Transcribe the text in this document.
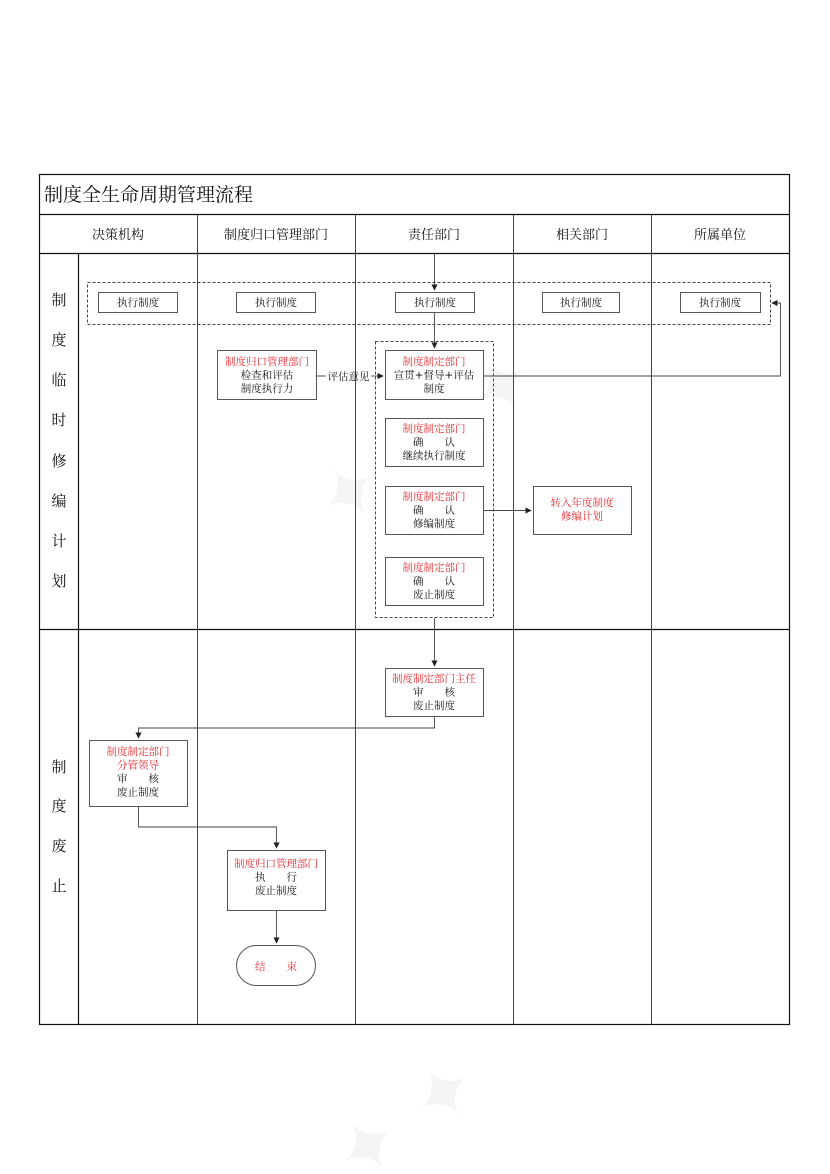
制度全生命周期管理流程
决策机构	制度归口管理部门	责任部门	相关部门	所属单位
制
度
临
时
修
编
计
划
制
度
废
止
执行制度	执行制度	执行制度	执行制度	执行制度
制度归口管理部门
检查和评估
制度执行力
制度制定部门
宣贯+督导+评估
制度
制度制定部门
确　　认
继续执行制度
制度制定部门
确　　认
修编制度
制度制定部门
确　　认
废止制度
转入年度制度
修编计划
制度制定部门主任
审　　核
废止制度
制度制定部门
分管领导
审　　核
废止制度
制度归口管理部门
执　　行
废止制度
结　　束
评估意见
